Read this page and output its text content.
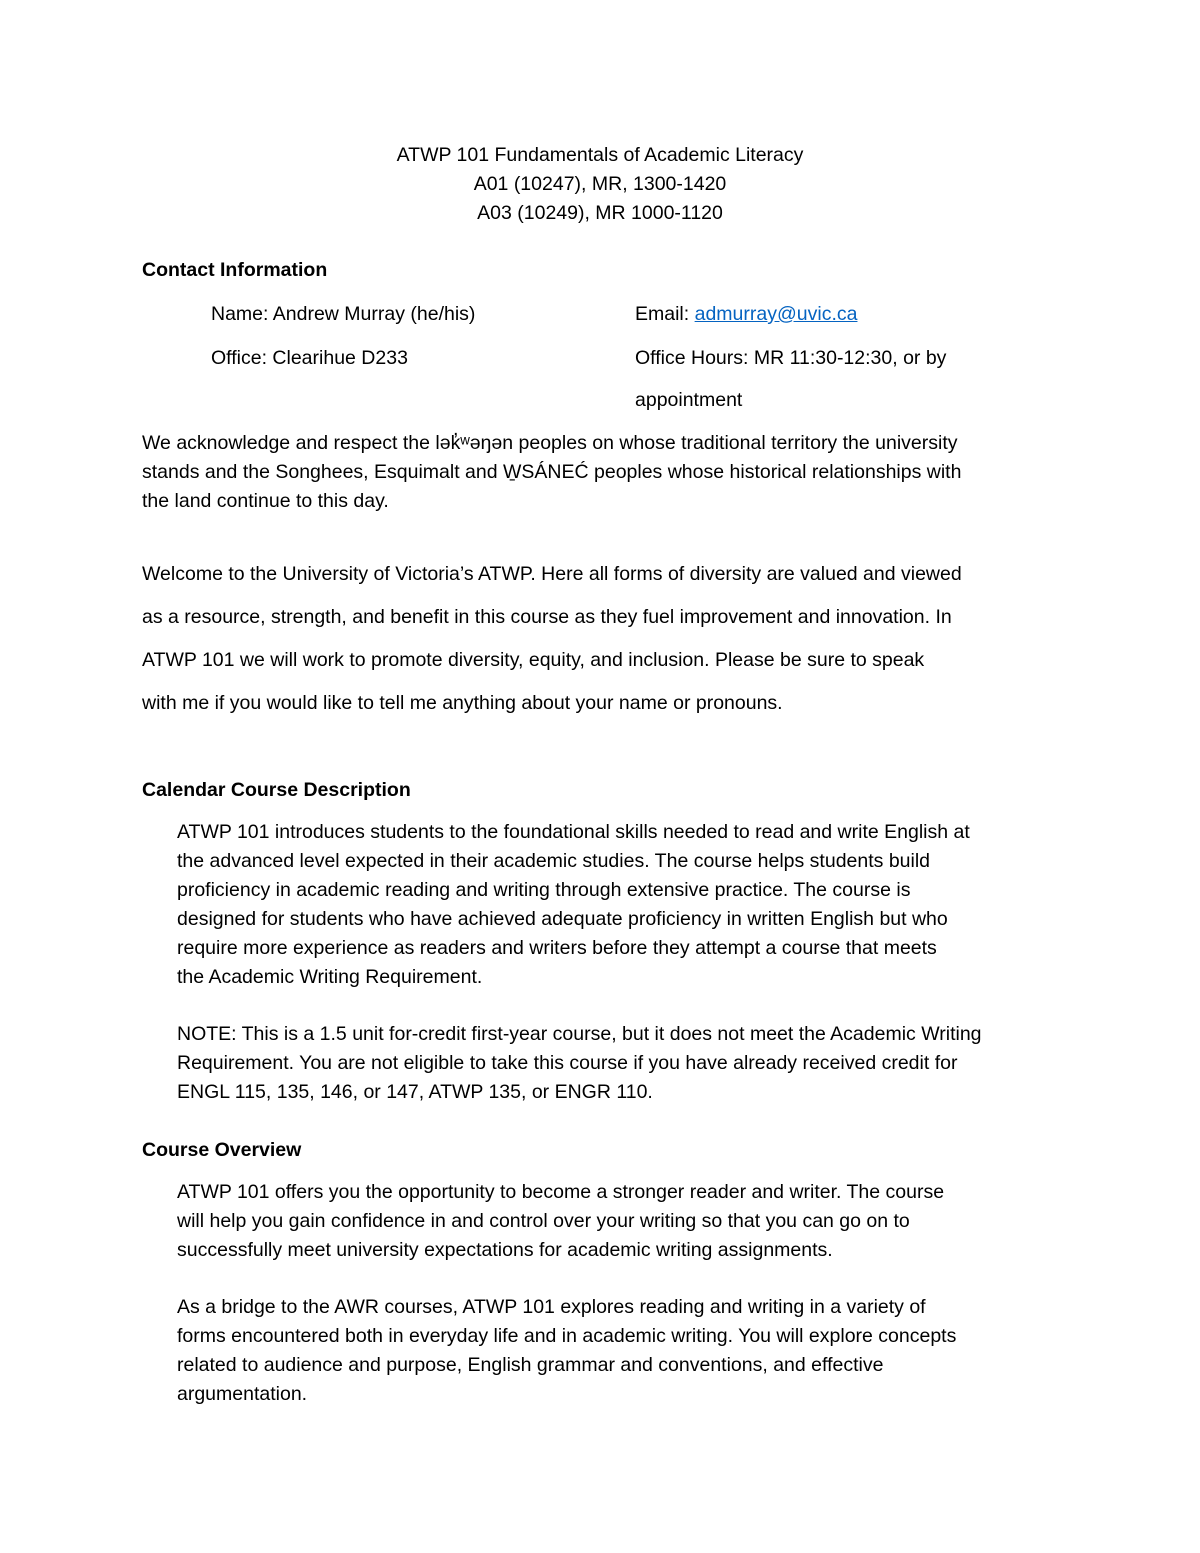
ATWP 101 Fundamentals of Academic Literacy
A01 (10247), MR, 1300-1420
A03 (10249), MR 1000-1120
Contact Information
Name: Andrew Murray (he/his)	Email: admurray@uvic.ca
Office: Clearihue D233	Office Hours: MR 11:30-12:30, or by
appointment
We acknowledge and respect the lək̓ʷəŋən peoples on whose traditional territory the university
stands and the Songhees, Esquimalt and W̱SÁNEĆ peoples whose historical relationships with
the land continue to this day.
Welcome to the University of Victoria’s ATWP. Here all forms of diversity are valued and viewed
as a resource, strength, and benefit in this course as they fuel improvement and innovation. In
ATWP 101 we will work to promote diversity, equity, and inclusion. Please be sure to speak
with me if you would like to tell me anything about your name or pronouns.
Calendar Course Description
ATWP 101 introduces students to the foundational skills needed to read and write English at
the advanced level expected in their academic studies. The course helps students build
proficiency in academic reading and writing through extensive practice. The course is
designed for students who have achieved adequate proficiency in written English but who
require more experience as readers and writers before they attempt a course that meets
the Academic Writing Requirement.
NOTE: This is a 1.5 unit for-credit first-year course, but it does not meet the Academic Writing
Requirement. You are not eligible to take this course if you have already received credit for
ENGL 115, 135, 146, or 147, ATWP 135, or ENGR 110.
Course Overview
ATWP 101 offers you the opportunity to become a stronger reader and writer. The course
will help you gain confidence in and control over your writing so that you can go on to
successfully meet university expectations for academic writing assignments.
As a bridge to the AWR courses, ATWP 101 explores reading and writing in a variety of
forms encountered both in everyday life and in academic writing. You will explore concepts
related to audience and purpose, English grammar and conventions, and effective
argumentation.
